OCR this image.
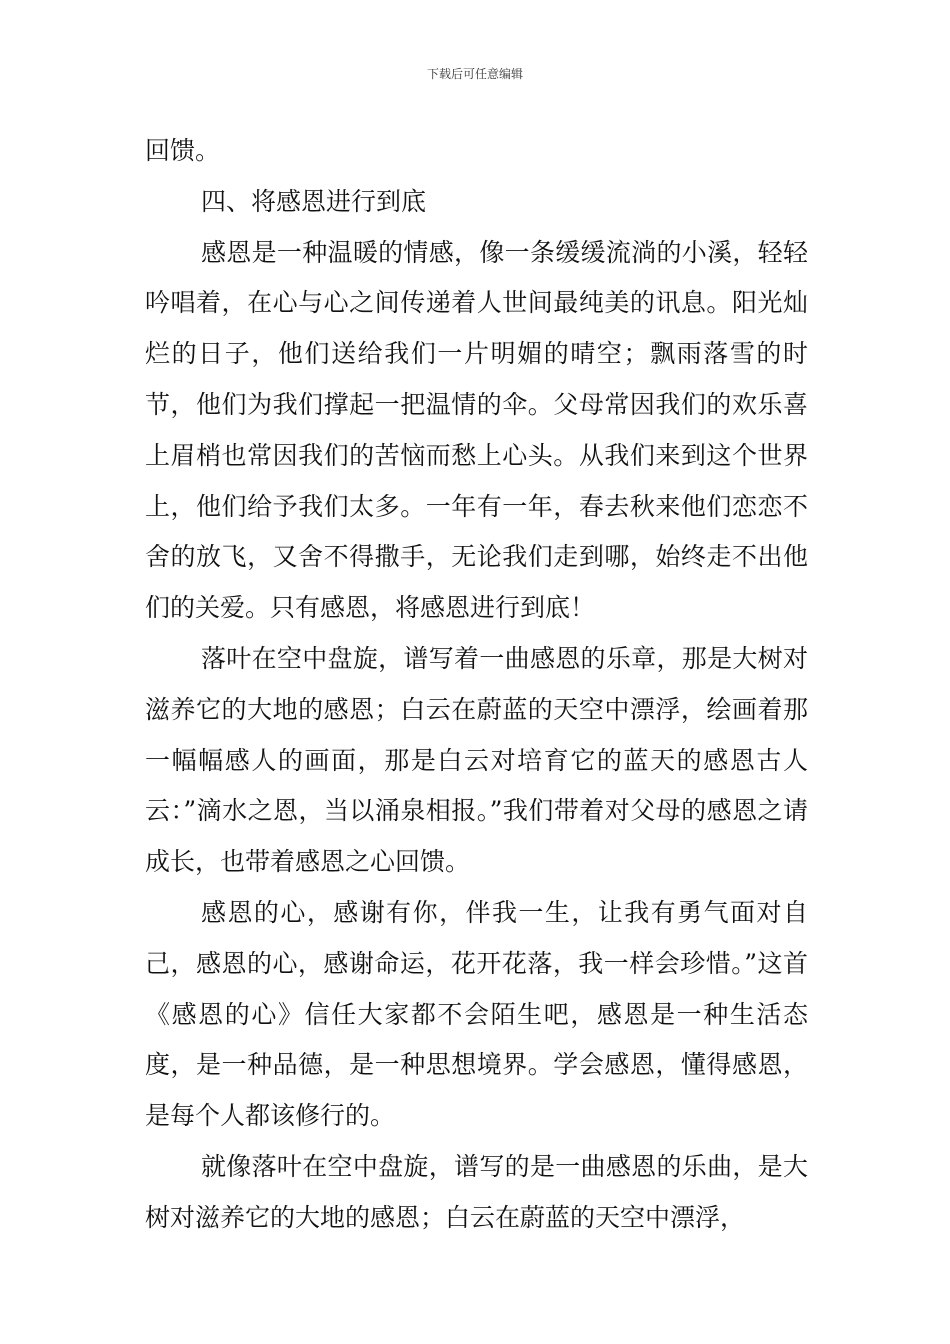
下载后可任意编辑

回馈。

四、将感恩进行到底

感恩是一种温暖的情感，像一条缓缓流淌的小溪，轻轻吟唱着，在心与心之间传递着人世间最纯美的讯息。阳光灿烂的日子，他们送给我们一片明媚的晴空；飘雨落雪的时节，他们为我们撑起一把温情的伞。父母常因我们的欢乐喜上眉梢也常因我们的苦恼而愁上心头。从我们来到这个世界上，他们给予我们太多。一年有一年，春去秋来他们恋恋不舍的放飞，又舍不得撒手，无论我们走到哪，始终走不出他们的关爱。只有感恩，将感恩进行到底！

落叶在空中盘旋，谱写着一曲感恩的乐章，那是大树对滋养它的大地的感恩；白云在蔚蓝的天空中漂浮，绘画着那一幅幅感人的画面，那是白云对培育它的蓝天的感恩古人云：”滴水之恩，当以涌泉相报。”我们带着对父母的感恩之请成长，也带着感恩之心回馈。

感恩的心，感谢有你，伴我一生，让我有勇气面对自己，感恩的心，感谢命运，花开花落，我一样会珍惜。”这首《感恩的心》信任大家都不会陌生吧，感恩是一种生活态度，是一种品德，是一种思想境界。学会感恩，懂得感恩，是每个人都该修行的。

就像落叶在空中盘旋，谱写的是一曲感恩的乐曲，是大树对滋养它的大地的感恩；白云在蔚蓝的天空中漂浮，
